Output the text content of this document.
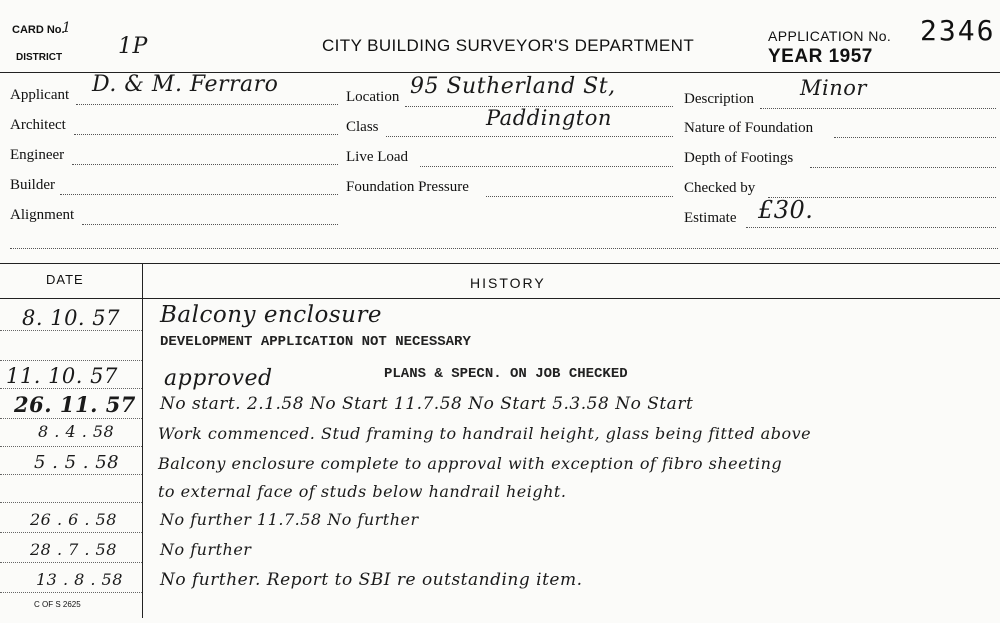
CARD No.
1
DISTRICT	1P	CITY BUILDING SURVEYOR'S DEPARTMENT	APPLICATION No. 2346
YEAR 1957
Applicant D. & M. Ferraro
Architect
Engineer
Builder
Alignment
Location 95 Sutherland St,
Class	Paddington
Live Load
Foundation Pressure
Description Minor
Nature of Foundation
Depth of Footings
Checked by
Estimate £30.
DATE	HISTORY
8. 10. 57 Balcony enclosure
DEVELOPMENT APPLICATION NOT NECESSARY
11. 10. 57 approved	PLANS & SPECN. ON JOB CHECKED
26. 11. 57 No start. 2.1.58 No Start 11.7.58 No Start 5.3.58 No Start
8 . 4 . 58	Work commenced. Stud framing to handrail height, glass being fitted above
5 . 5 . 58 Balcony enclosure complete to approval with exception of fibro sheeting
to external face of studs below handrail height.
26 . 6 . 58	No further 11.7.58 No further
28 . 7 . 58	No further
13 . 8 . 58 No further. Report to SBI re outstanding item.
C OF S 2625
